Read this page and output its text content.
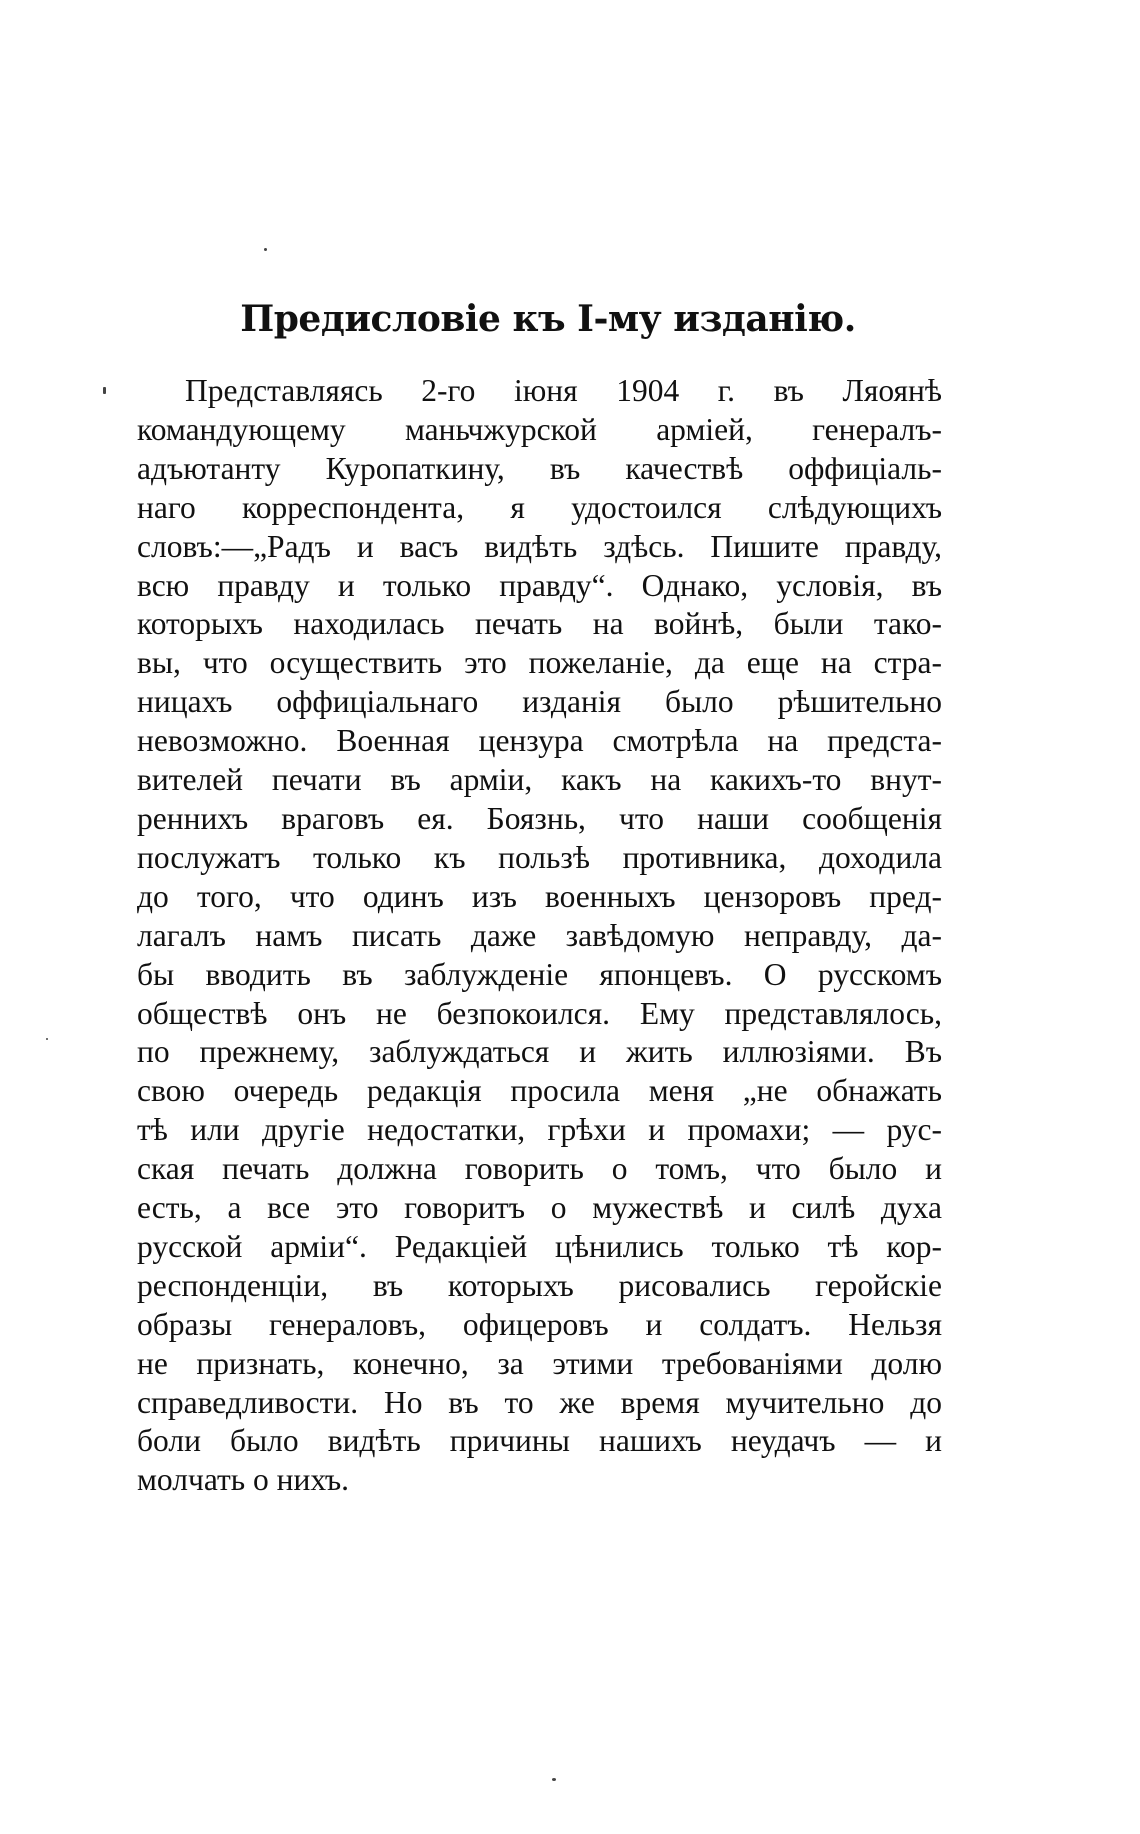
Предисловіе къ I-му изданію.
Представляясь 2-го іюня 1904 г. въ Ляоянѣ
командующему маньчжурской арміей, генералъ-
адъютанту Куропаткину, въ качествѣ оффиціаль-
наго корреспондента, я удостоился слѣдующихъ
словъ:—„Радъ и васъ видѣть здѣсь. Пишите правду,
всю правду и только правду“. Однако, условія, въ
которыхъ находилась печать на войнѣ, были тако-
вы, что осуществить это пожеланіе, да еще на стра-
ницахъ оффиціальнаго изданія было рѣшительно
невозможно. Военная цензура смотрѣла на предста-
вителей печати въ арміи, какъ на какихъ-то внут-
реннихъ враговъ ея. Боязнь, что наши сообщенія
послужатъ только къ пользѣ противника, доходила
до того, что одинъ изъ военныхъ цензоровъ пред-
лагалъ намъ писать даже завѣдомую неправду, да-
бы вводить въ заблужденіе японцевъ. О русскомъ
обществѣ онъ не безпокоился. Ему представлялось,
по прежнему, заблуждаться и жить иллюзіями. Въ
свою очередь редакція просила меня „не обнажать
тѣ или другіе недостатки, грѣхи и промахи; — рус-
ская печать должна говорить о томъ, что было и
есть, а все это говоритъ о мужествѣ и силѣ духа
русской арміи“. Редакціей цѣнились только тѣ кор-
респонденціи, въ которыхъ рисовались геройскіе
образы генераловъ, офицеровъ и солдатъ. Нельзя
не признать, конечно, за этими требованіями долю
справедливости. Но въ то же время мучительно до
боли было видѣть причины нашихъ неудачъ — и
молчать о нихъ.
